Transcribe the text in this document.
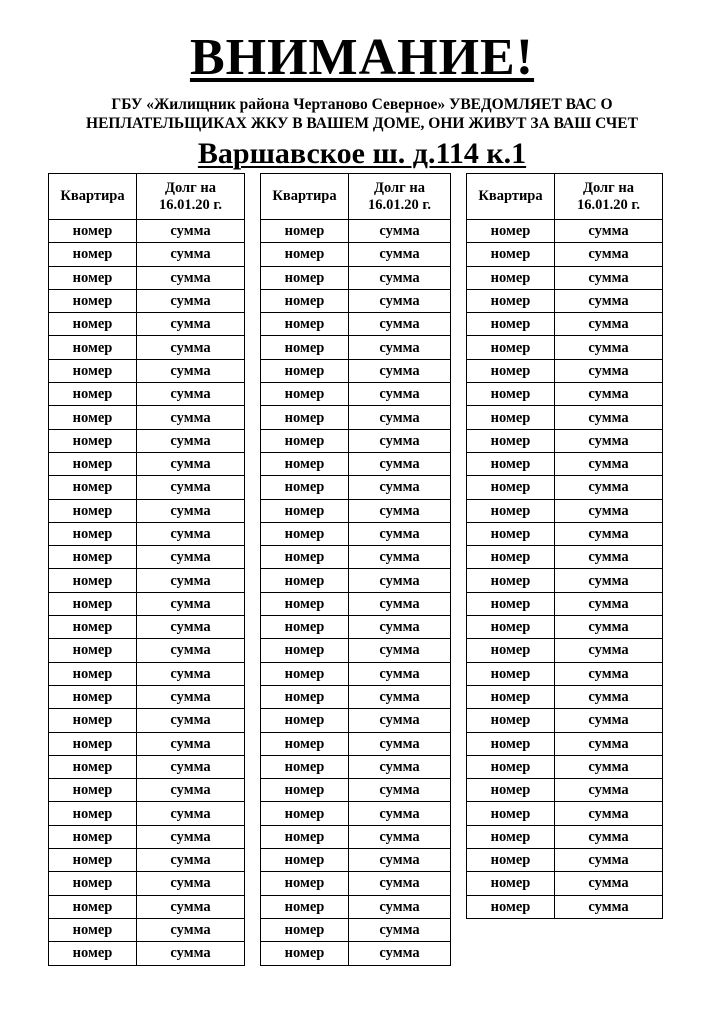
ВНИМАНИЕ!
ГБУ «Жилищник района Чертаново Северное» УВЕДОМЛЯЕТ ВАС О
НЕПЛАТЕЛЬЩИКАХ ЖКУ В ВАШЕМ ДОМЕ, ОНИ ЖИВУТ ЗА ВАШ СЧЕТ
Варшавское ш. д.114 к.1
Квартира	Долг на
16.01.20 г.
номер	сумма
номер	сумма
номер	сумма
номер	сумма
номер	сумма
номер	сумма
номер	сумма
номер	сумма
номер	сумма
номер	сумма
номер	сумма
номер	сумма
номер	сумма
номер	сумма
номер	сумма
номер	сумма
номер	сумма
номер	сумма
номер	сумма
номер	сумма
номер	сумма
номер	сумма
номер	сумма
номер	сумма
номер	сумма
номер	сумма
номер	сумма
номер	сумма
номер	сумма
номер	сумма
номер	сумма
номер	сумма
Квартира	Долг на
16.01.20 г.
номер	сумма
номер	сумма
номер	сумма
номер	сумма
номер	сумма
номер	сумма
номер	сумма
номер	сумма
номер	сумма
номер	сумма
номер	сумма
номер	сумма
номер	сумма
номер	сумма
номер	сумма
номер	сумма
номер	сумма
номер	сумма
номер	сумма
номер	сумма
номер	сумма
номер	сумма
номер	сумма
номер	сумма
номер	сумма
номер	сумма
номер	сумма
номер	сумма
номер	сумма
номер	сумма
номер	сумма
номер	сумма
Квартира	Долг на
16.01.20 г.
номер	сумма
номер	сумма
номер	сумма
номер	сумма
номер	сумма
номер	сумма
номер	сумма
номер	сумма
номер	сумма
номер	сумма
номер	сумма
номер	сумма
номер	сумма
номер	сумма
номер	сумма
номер	сумма
номер	сумма
номер	сумма
номер	сумма
номер	сумма
номер	сумма
номер	сумма
номер	сумма
номер	сумма
номер	сумма
номер	сумма
номер	сумма
номер	сумма
номер	сумма
номер	сумма
